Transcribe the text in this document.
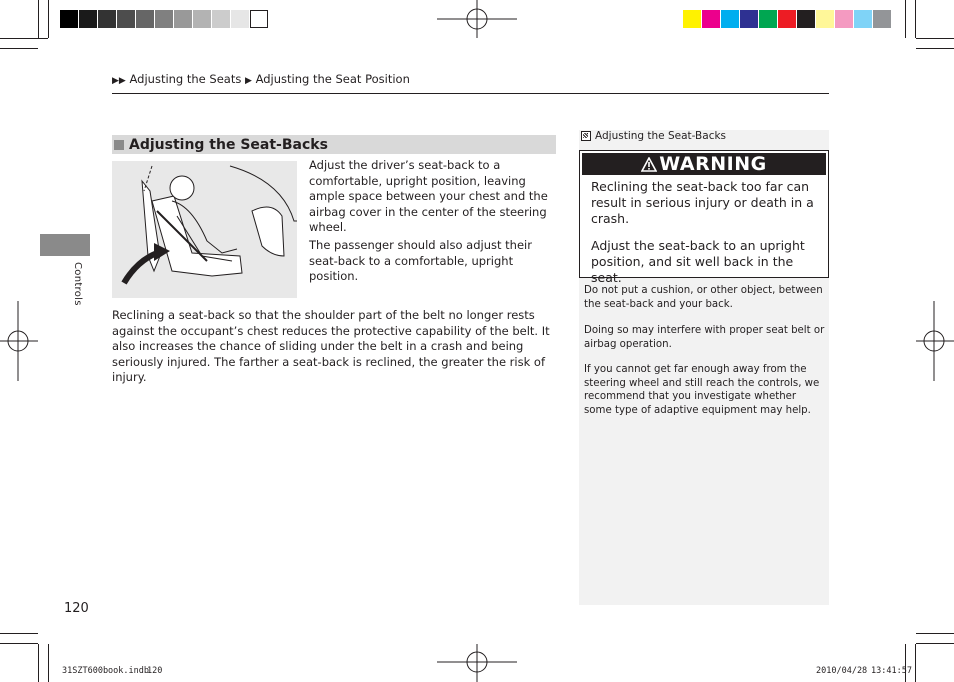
▶▶ Adjusting the Seats ▶ Adjusting the Seat Position
Controls
Adjusting the Seat-Backs
Adjust the driver’s seat-back to a comfortable, upright position, leaving ample space between your chest and the airbag cover in the center of the steering wheel.
The passenger should also adjust their seat-back to a comfortable, upright position.
Reclining a seat-back so that the shoulder part of the belt no longer rests against the occupant’s chest reduces the protective capability of the belt. It also increases the chance of sliding under the belt in a crash and being seriously injured. The farther a seat-back is reclined, the greater the risk of injury.
Adjusting the Seat-Backs
WARNING
Reclining the seat-back too far can result in serious injury or death in a crash.
Adjust the seat-back to an upright position, and sit well back in the seat.
Do not put a cushion, or other object, between the seat-back and your back.
Doing so may interfere with proper seat belt or airbag operation.
If you cannot get far enough away from the steering wheel and still reach the controls, we recommend that you investigate whether some type of adaptive equipment may help.
120
31SZT600book.indb
120	2010/04/28 13:41:57
